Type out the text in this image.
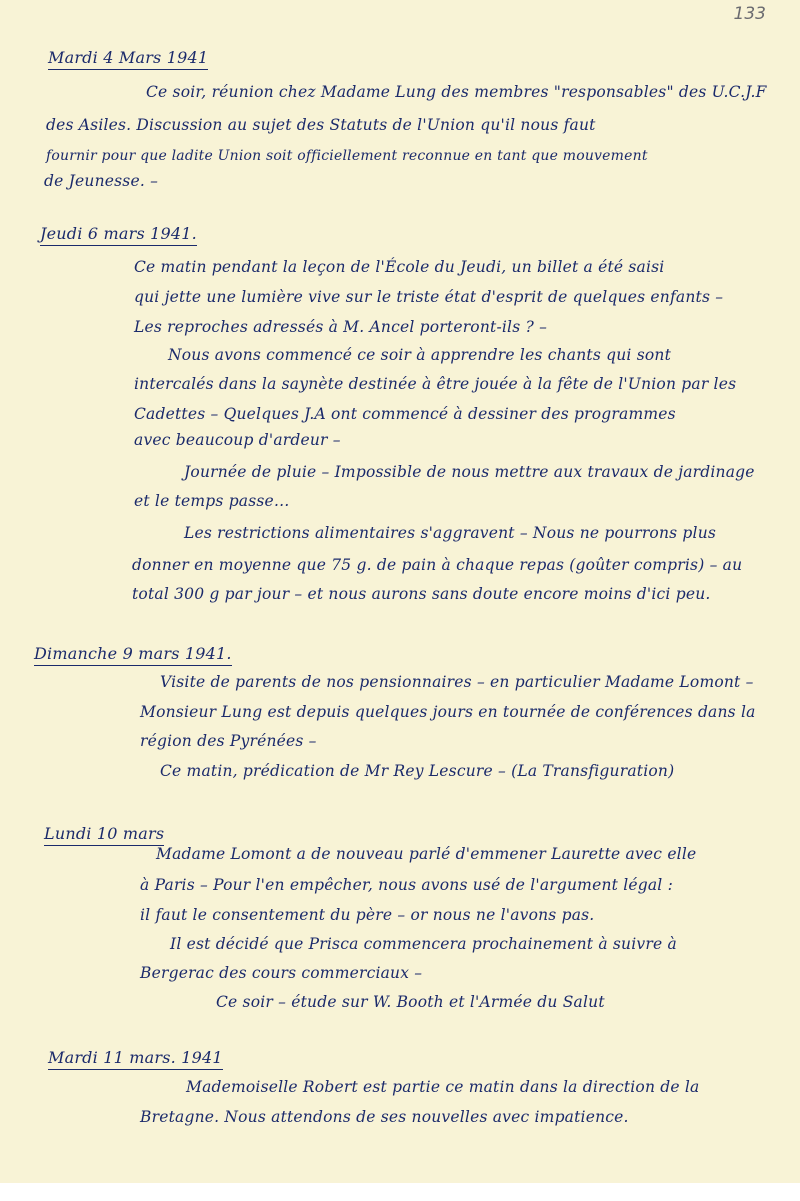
133
Mardi 4 Mars 1941
Ce soir, réunion chez Madame Lung des membres "responsables" des U.C.J.F
des Asiles. Discussion au sujet des Statuts de l'Union qu'il nous faut
fournir pour que ladite Union soit officiellement reconnue en tant que mouvement
de Jeunesse. –
Jeudi 6 mars 1941.
Ce matin pendant la leçon de l'École du Jeudi, un billet a été saisi
qui jette une lumière vive sur le triste état d'esprit de quelques enfants –
Les reproches adressés à M. Ancel porteront-ils ? –
Nous avons commencé ce soir à apprendre les chants qui sont
intercalés dans la saynète destinée à être jouée à la fête de l'Union par les
Cadettes – Quelques J.A ont commencé à dessiner des programmes
avec beaucoup d'ardeur –
Journée de pluie – Impossible de nous mettre aux travaux de jardinage
et le temps passe…
Les restrictions alimentaires s'aggravent – Nous ne pourrons plus
donner en moyenne que 75 g. de pain à chaque repas (goûter compris) – au
total 300 g par jour – et nous aurons sans doute encore moins d'ici peu.
Dimanche 9 mars 1941.
Visite de parents de nos pensionnaires – en particulier Madame Lomont –
Monsieur Lung est depuis quelques jours en tournée de conférences dans la
région des Pyrénées –
Ce matin, prédication de Mr Rey Lescure – (La Transfiguration)
Lundi 10 mars
Madame Lomont a de nouveau parlé d'emmener Laurette avec elle
à Paris – Pour l'en empêcher, nous avons usé de l'argument légal :
il faut le consentement du père – or nous ne l'avons pas.
Il est décidé que Prisca commencera prochainement à suivre à
Bergerac des cours commerciaux –
Ce soir – étude sur W. Booth et l'Armée du Salut
Mardi 11 mars. 1941
Mademoiselle Robert est partie ce matin dans la direction de la
Bretagne. Nous attendons de ses nouvelles avec impatience.
